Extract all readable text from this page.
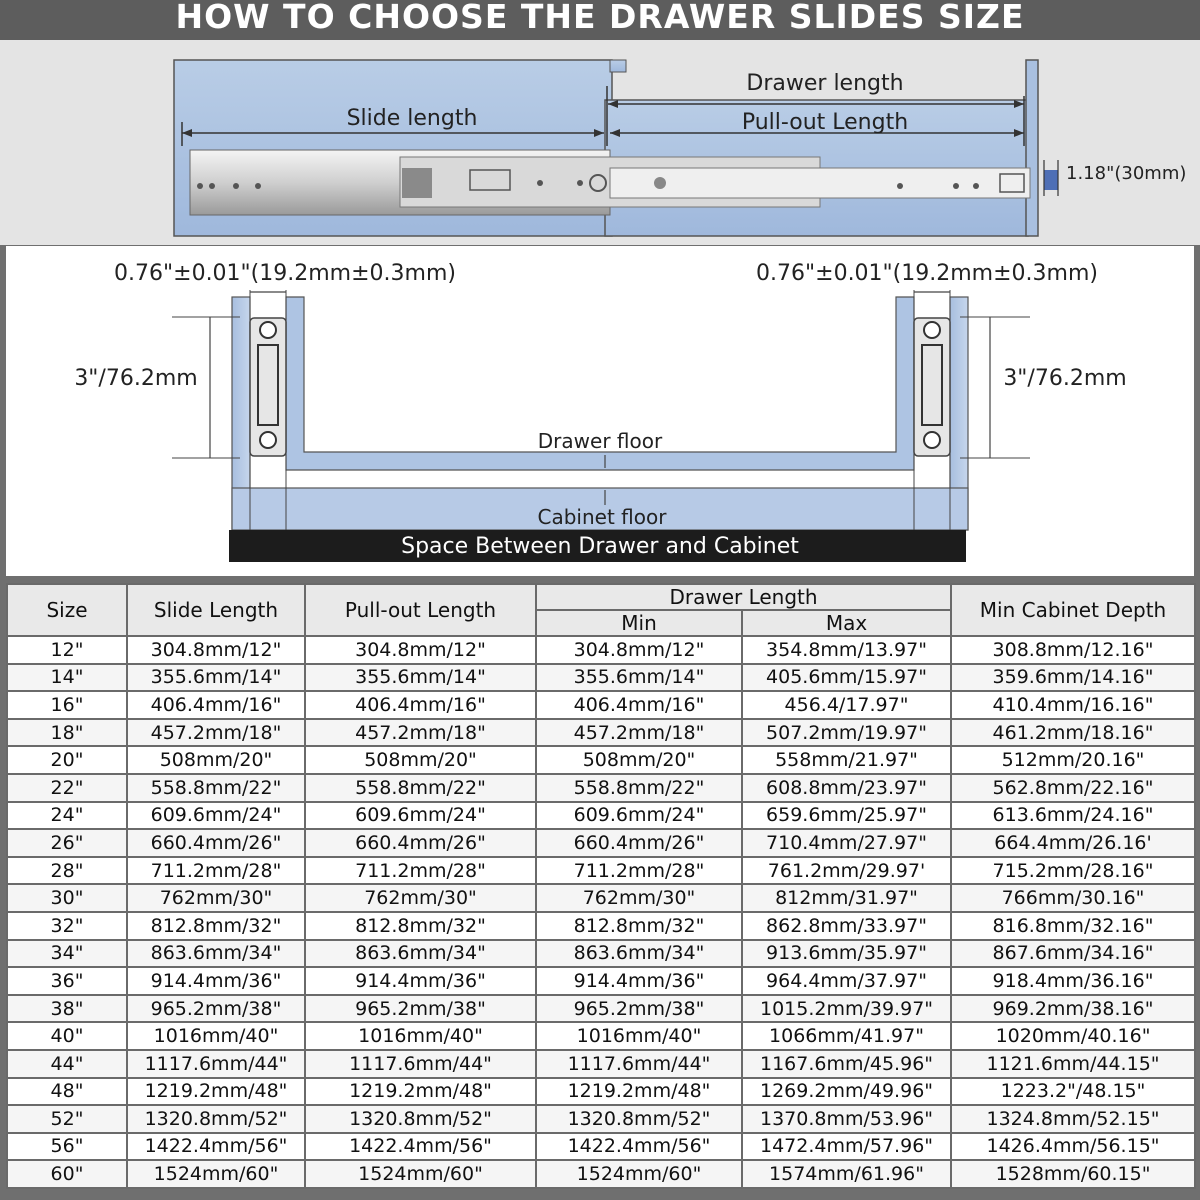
HOW TO CHOOSE THE DRAWER SLIDES SIZE
Drawer length
Slide length	Pull-out Length
1.18"(30mm)
0.76"±0.01"(19.2mm±0.3mm)	0.76"±0.01"(19.2mm±0.3mm)
3"/76.2mm	3"/76.2mm
Drawer floor
Cabinet floor
Space Between Drawer and Cabinet
Size	Slide Length	Pull-out Length	Drawer Length		Min Cabinet Depth
			Min	Max	
12"	304.8mm/12"	304.8mm/12"	304.8mm/12"	354.8mm/13.97"	308.8mm/12.16"
14"	355.6mm/14"	355.6mm/14"	355.6mm/14"	405.6mm/15.97"	359.6mm/14.16"
16"	406.4mm/16"	406.4mm/16"	406.4mm/16"	456.4/17.97"	410.4mm/16.16"
18"	457.2mm/18"	457.2mm/18"	457.2mm/18"	507.2mm/19.97"	461.2mm/18.16"
20"	508mm/20"	508mm/20"	508mm/20"	558mm/21.97"	512mm/20.16"
22"	558.8mm/22"	558.8mm/22"	558.8mm/22"	608.8mm/23.97"	562.8mm/22.16"
24"	609.6mm/24"	609.6mm/24"	609.6mm/24"	659.6mm/25.97"	613.6mm/24.16"
26"	660.4mm/26"	660.4mm/26"	660.4mm/26"	710.4mm/27.97"	664.4mm/26.16'
28"	711.2mm/28"	711.2mm/28"	711.2mm/28"	761.2mm/29.97'	715.2mm/28.16"
30"	762mm/30"	762mm/30"	762mm/30"	812mm/31.97"	766mm/30.16"
32"	812.8mm/32"	812.8mm/32"	812.8mm/32"	862.8mm/33.97"	816.8mm/32.16"
34"	863.6mm/34"	863.6mm/34"	863.6mm/34"	913.6mm/35.97"	867.6mm/34.16"
36"	914.4mm/36"	914.4mm/36"	914.4mm/36"	964.4mm/37.97"	918.4mm/36.16"
38"	965.2mm/38"	965.2mm/38"	965.2mm/38"	1015.2mm/39.97"	969.2mm/38.16"
40"	1016mm/40"	1016mm/40"	1016mm/40"	1066mm/41.97"	1020mm/40.16"
44"	1117.6mm/44"	1117.6mm/44"	1117.6mm/44"	1167.6mm/45.96"	1121.6mm/44.15"
48"	1219.2mm/48"	1219.2mm/48"	1219.2mm/48"	1269.2mm/49.96"	1223.2"/48.15"
52"	1320.8mm/52"	1320.8mm/52"	1320.8mm/52"	1370.8mm/53.96"	1324.8mm/52.15"
56"	1422.4mm/56"	1422.4mm/56"	1422.4mm/56"	1472.4mm/57.96"	1426.4mm/56.15"
60"	1524mm/60"	1524mm/60"	1524mm/60"	1574mm/61.96"	1528mm/60.15"
